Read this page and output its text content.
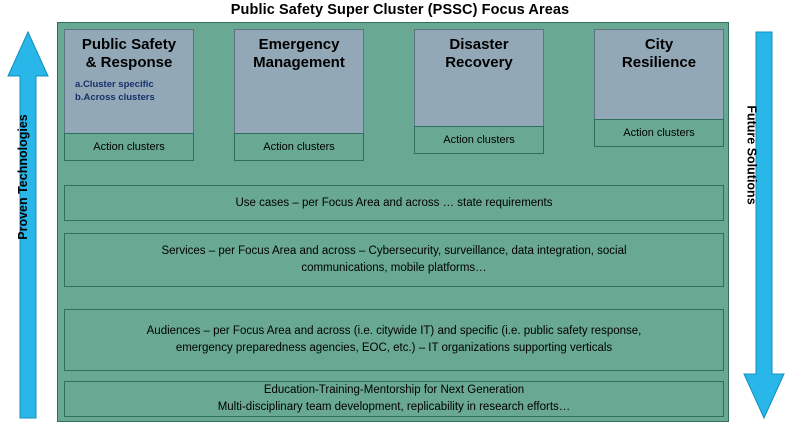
Public Safety Super Cluster (PSSC) Focus Areas
Proven Technologies	Future Solutions
Public Safety
& Response
a.Cluster specific
b.Across clusters
Emergency
Management
Disaster
Recovery
City
Resilience
Action clusters	Action clusters
Action clusters
Action clusters
Use cases – per Focus Area and across … state requirements
Services – per Focus Area and across – Cybersecurity, surveillance, data integration, social
communications, mobile platforms…
Audiences – per Focus Area and across (i.e. citywide IT) and specific (i.e. public safety response,
emergency preparedness agencies, EOC, etc.) – IT organizations supporting verticals
Education-Training-Mentorship for Next Generation
Multi-disciplinary team development, replicability in research efforts…
